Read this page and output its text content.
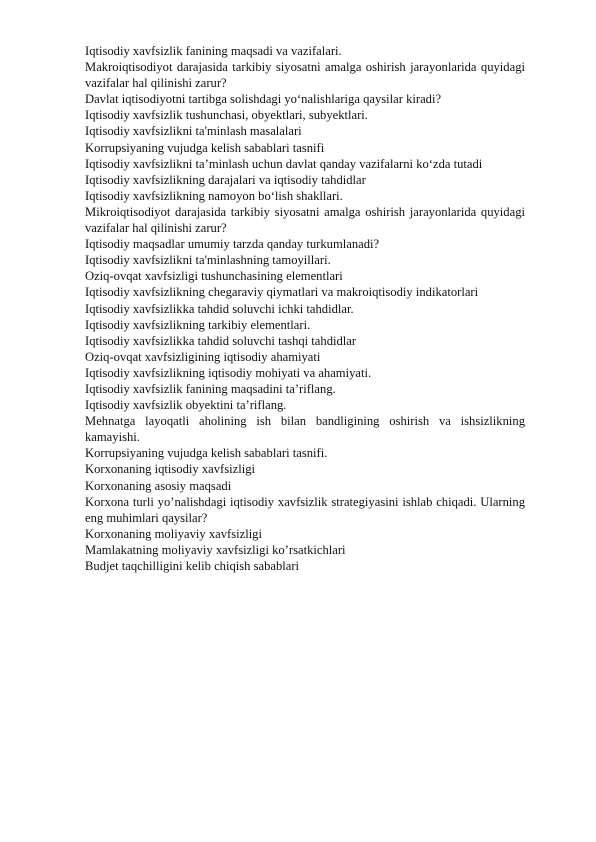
Iqtisodiy xavfsizlik fanining maqsadi va vazifalari.

Makroiqtisodiyot darajasida tarkibiy siyosatni amalga oshirish jarayonlarida quyidagi vazifalar hal qilinishi zarur?

Davlat iqtisodiyotni tartibga solishdagi yo‘nalishlariga qaysilar kiradi?

Iqtisodiy xavfsizlik tushunchasi, obyektlari, subyektlari.

Iqtisodiy xavfsizlikni ta'minlash masalalari

Korrupsiyaning vujudga kelish sabablari tasnifi

Iqtisodiy xavfsizlikni ta’minlash uchun davlat qanday vazifalarni ko‘zda tutadi

Iqtisodiy xavfsizlikning darajalari va iqtisodiy tahdidlar

Iqtisodiy xavfsizlikning namoyon bo‘lish shakllari.

Mikroiqtisodiyot darajasida tarkibiy siyosatni amalga oshirish jarayonlarida quyidagi vazifalar hal qilinishi zarur?

Iqtisodiy maqsadlar umumiy tarzda qanday turkumlanadi?

Iqtisodiy xavfsizlikni ta'minlashning tamoyillari.

Oziq-ovqat xavfsizligi tushunchasining elementlari

Iqtisodiy xavfsizlikning chegaraviy qiymatlari va makroiqtisodiy indikatorlari

Iqtisodiy xavfsizlikka tahdid soluvchi ichki tahdidlar.

Iqtisodiy xavfsizlikning tarkibiy elementlari.

Iqtisodiy xavfsizlikka tahdid soluvchi tashqi tahdidlar

Oziq-ovqat xavfsizligining iqtisodiy ahamiyati

Iqtisodiy xavfsizlikning iqtisodiy mohiyati va ahamiyati.

Iqtisodiy xavfsizlik fanining maqsadini ta’riflang.

Iqtisodiy xavfsizlik obyektini ta’riflang.

Mehnatga layoqatli aholining ish bilan bandligining oshirish va ishsizlikning kamayishi.

Korrupsiyaning vujudga kelish sabablari tasnifi.

Korxonaning iqtisodiy xavfsizligi

Korxonaning asosiy maqsadi

Korxona turli yo’nalishdagi iqtisodiy xavfsizlik strategiyasini ishlab chiqadi. Ularning eng muhimlari qaysilar?

Korxonaning moliyaviy xavfsizligi

Mamlakatning moliyaviy xavfsizligi ko’rsatkichlari

Budjet taqchilligini kelib chiqish sabablari
